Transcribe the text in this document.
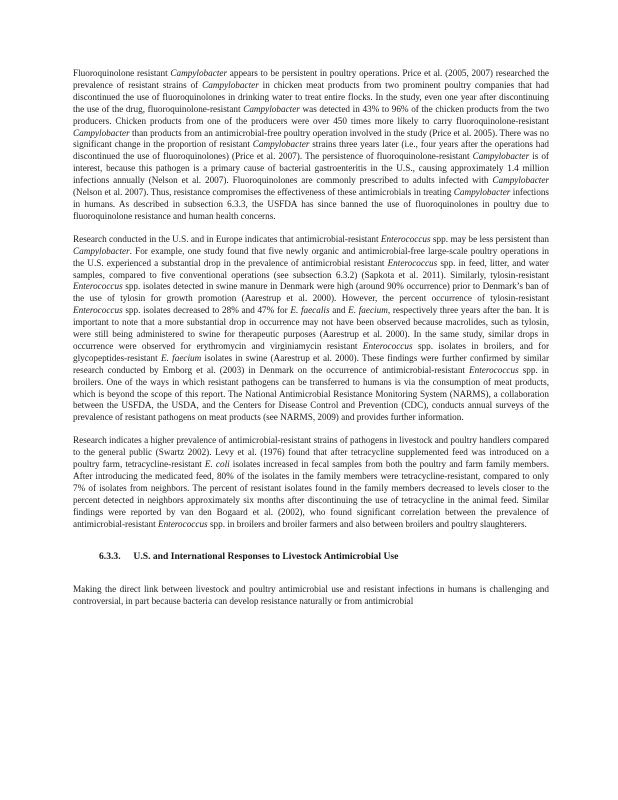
Fluoroquinolone resistant Campylobacter appears to be persistent in poultry operations. Price et al. (2005, 2007) researched the prevalence of resistant strains of Campylobacter in chicken meat products from two prominent poultry companies that had discontinued the use of fluoroquinolones in drinking water to treat entire flocks. In the study, even one year after discontinuing the use of the drug, fluoroquinolone-resistant Campylobacter was detected in 43% to 96% of the chicken products from the two producers. Chicken products from one of the producers were over 450 times more likely to carry fluoroquinolone-resistant Campylobacter than products from an antimicrobial-free poultry operation involved in the study (Price et al. 2005). There was no significant change in the proportion of resistant Campylobacter strains three years later (i.e., four years after the operations had discontinued the use of fluoroquinolones) (Price et al. 2007). The persistence of fluoroquinolone-resistant Campylobacter is of interest, because this pathogen is a primary cause of bacterial gastroenteritis in the U.S., causing approximately 1.4 million infections annually (Nelson et al. 2007). Fluoroquinolones are commonly prescribed to adults infected with Campylobacter (Nelson et al. 2007). Thus, resistance compromises the effectiveness of these antimicrobials in treating Campylobacter infections in humans. As described in subsection 6.3.3, the USFDA has since banned the use of fluoroquinolones in poultry due to fluoroquinolone resistance and human health concerns.

Research conducted in the U.S. and in Europe indicates that antimicrobial-resistant Enterococcus spp. may be less persistent than Campylobacter. For example, one study found that five newly organic and antimicrobial-free large-scale poultry operations in the U.S. experienced a substantial drop in the prevalence of antimicrobial resistant Enterococcus spp. in feed, litter, and water samples, compared to five conventional operations (see subsection 6.3.2) (Sapkota et al. 2011). Similarly, tylosin-resistant Enterococcus spp. isolates detected in swine manure in Denmark were high (around 90% occurrence) prior to Denmark’s ban of the use of tylosin for growth promotion (Aarestrup et al. 2000). However, the percent occurrence of tylosin-resistant Enterococcus spp. isolates decreased to 28% and 47% for E. faecalis and E. faecium, respectively three years after the ban. It is important to note that a more substantial drop in occurrence may not have been observed because macrolides, such as tylosin, were still being administered to swine for therapeutic purposes (Aarestrup et al. 2000). In the same study, similar drops in occurrence were observed for erythromycin and virginiamycin resistant Enterococcus spp. isolates in broilers, and for glycopeptides-resistant E. faecium isolates in swine (Aarestrup et al. 2000). These findings were further confirmed by similar research conducted by Emborg et al. (2003) in Denmark on the occurrence of antimicrobial-resistant Enterococcus spp. in broilers. One of the ways in which resistant pathogens can be transferred to humans is via the consumption of meat products, which is beyond the scope of this report. The National Antimicrobial Resistance Monitoring System (NARMS), a collaboration between the USFDA, the USDA, and the Centers for Disease Control and Prevention (CDC), conducts annual surveys of the prevalence of resistant pathogens on meat products (see NARMS, 2009) and provides further information.

Research indicates a higher prevalence of antimicrobial-resistant strains of pathogens in livestock and poultry handlers compared to the general public (Swartz 2002). Levy et al. (1976) found that after tetracycline supplemented feed was introduced on a poultry farm, tetracycline-resistant E. coli isolates increased in fecal samples from both the poultry and farm family members. After introducing the medicated feed, 80% of the isolates in the family members were tetracycline-resistant, compared to only 7% of isolates from neighbors. The percent of resistant isolates found in the family members decreased to levels closer to the percent detected in neighbors approximately six months after discontinuing the use of tetracycline in the animal feed. Similar findings were reported by van den Bogaard et al. (2002), who found significant correlation between the prevalence of antimicrobial-resistant Enterococcus spp. in broilers and broiler farmers and also between broilers and poultry slaughterers.

6.3.3. U.S. and International Responses to Livestock Antimicrobial Use

Making the direct link between livestock and poultry antimicrobial use and resistant infections in humans is challenging and controversial, in part because bacteria can develop resistance naturally or from antimicrobial
